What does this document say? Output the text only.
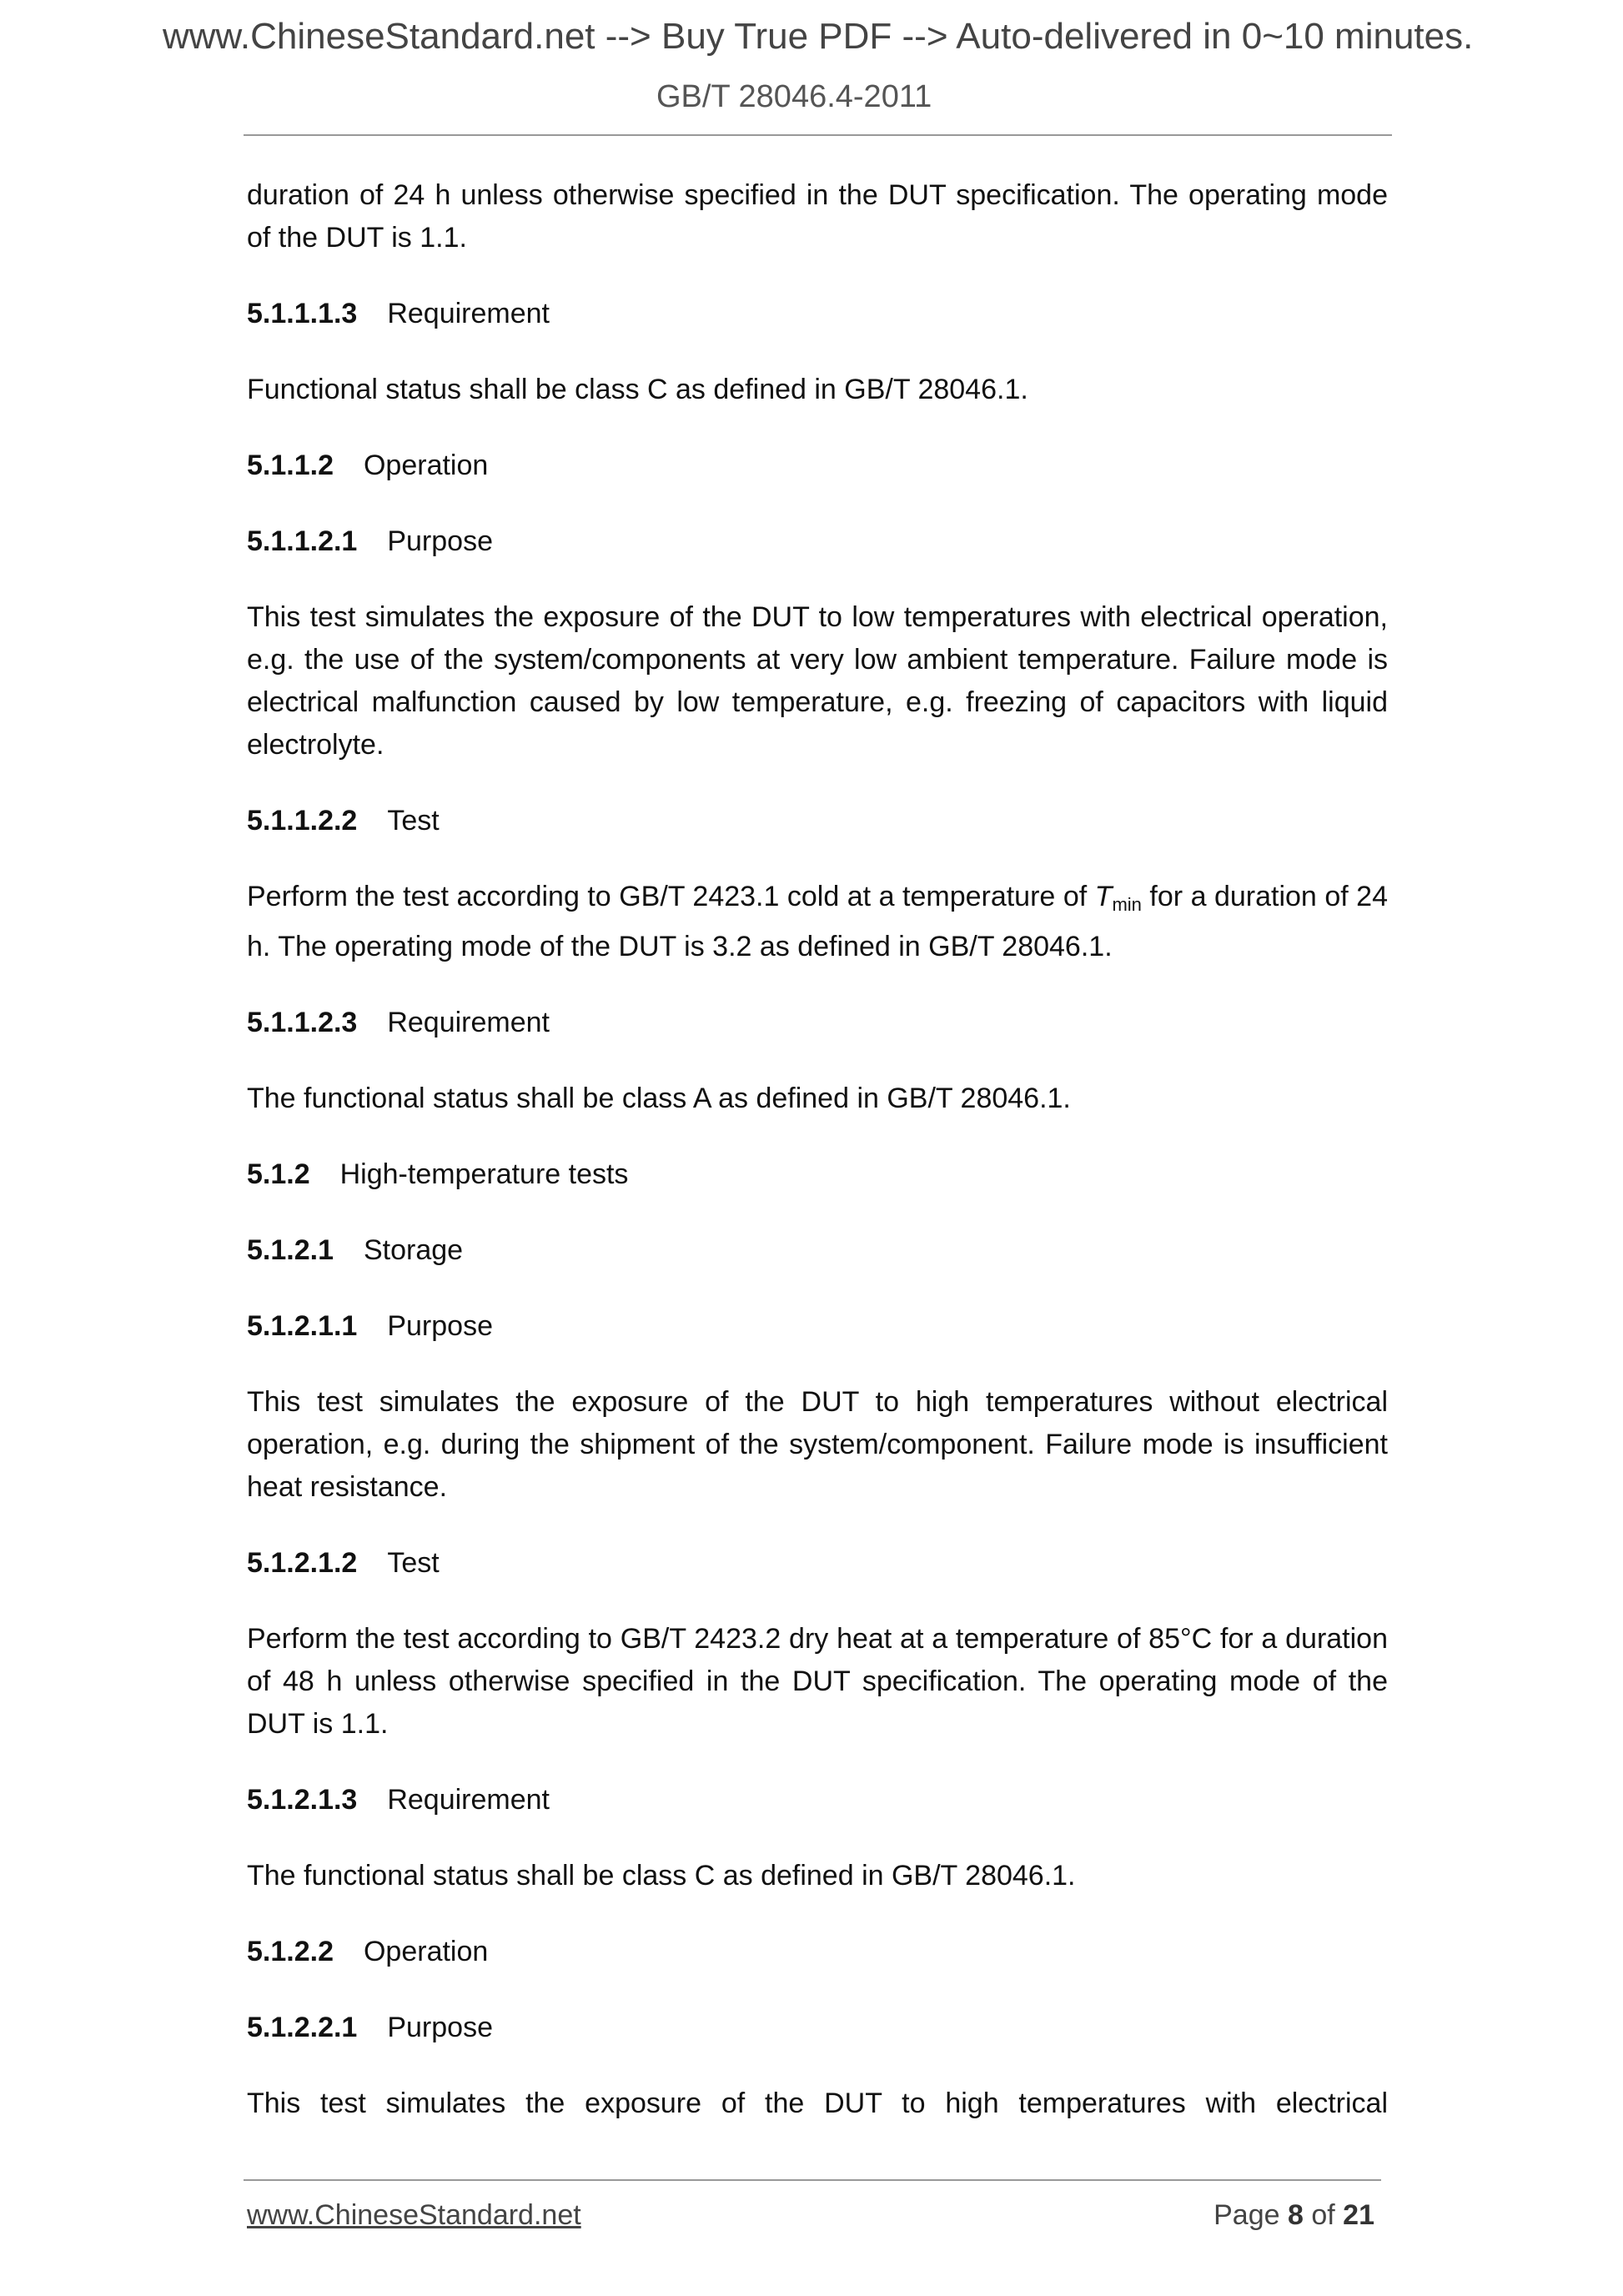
www.ChineseStandard.net --> Buy True PDF --> Auto-delivered in 0~10 minutes.
GB/T 28046.4-2011

duration of 24 h unless otherwise specified in the DUT specification. The operating mode of the DUT is 1.1.

5.1.1.1.3 Requirement

Functional status shall be class C as defined in GB/T 28046.1.

5.1.1.2 Operation

5.1.1.2.1 Purpose

This test simulates the exposure of the DUT to low temperatures with electrical operation, e.g. the use of the system/components at very low ambient temperature. Failure mode is electrical malfunction caused by low temperature, e.g. freezing of capacitors with liquid electrolyte.

5.1.1.2.2 Test

Perform the test according to GB/T 2423.1 cold at a temperature of $T_{min}$ for a duration of 24 h. The operating mode of the DUT is 3.2 as defined in GB/T 28046.1.

5.1.1.2.3 Requirement

The functional status shall be class A as defined in GB/T 28046.1.

5.1.2 High-temperature tests

5.1.2.1 Storage

5.1.2.1.1 Purpose

This test simulates the exposure of the DUT to high temperatures without electrical operation, e.g. during the shipment of the system/component. Failure mode is insufficient heat resistance.

5.1.2.1.2 Test

Perform the test according to GB/T 2423.2 dry heat at a temperature of 85°C for a duration of 48 h unless otherwise specified in the DUT specification. The operating mode of the DUT is 1.1.

5.1.2.1.3 Requirement

The functional status shall be class C as defined in GB/T 28046.1.

5.1.2.2 Operation

5.1.2.2.1 Purpose

This test simulates the exposure of the DUT to high temperatures with electrical

www.ChineseStandard.net	Page 8 of 21
